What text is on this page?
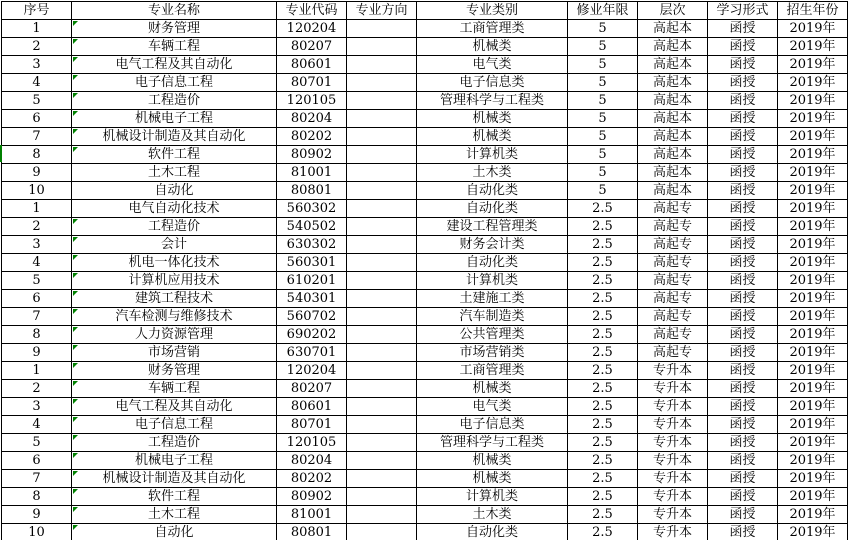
序号	专业名称	专业代码	专业方向	专业类别	修业年限	层次	学习形式	招生年份
1	财务管理	120204		工商管理类	5	高起本	函授	2019年
2	车辆工程	80207		机械类	5	高起本	函授	2019年
3	电气工程及其自动化	80601		电气类	5	高起本	函授	2019年
4	电子信息工程	80701		电子信息类	5	高起本	函授	2019年
5	工程造价	120105		管理科学与工程类	5	高起本	函授	2019年
6	机械电子工程	80204		机械类	5	高起本	函授	2019年
7	机械设计制造及其自动化	80202		机械类	5	高起本	函授	2019年
8	软件工程	80902		计算机类	5	高起本	函授	2019年
9	土木工程	81001		土木类	5	高起本	函授	2019年
10	自动化	80801		自动化类	5	高起本	函授	2019年
1	电气自动化技术	560302		自动化类	2.5	高起专	函授	2019年
2	工程造价	540502		建设工程管理类	2.5	高起专	函授	2019年
3	会计	630302		财务会计类	2.5	高起专	函授	2019年
4	机电一体化技术	560301		自动化类	2.5	高起专	函授	2019年
5	计算机应用技术	610201		计算机类	2.5	高起专	函授	2019年
6	建筑工程技术	540301		土建施工类	2.5	高起专	函授	2019年
7	汽车检测与维修技术	560702		汽车制造类	2.5	高起专	函授	2019年
8	人力资源管理	690202		公共管理类	2.5	高起专	函授	2019年
9	市场营销	630701		市场营销类	2.5	高起专	函授	2019年
1	财务管理	120204		工商管理类	2.5	专升本	函授	2019年
2	车辆工程	80207		机械类	2.5	专升本	函授	2019年
3	电气工程及其自动化	80601		电气类	2.5	专升本	函授	2019年
4	电子信息工程	80701		电子信息类	2.5	专升本	函授	2019年
5	工程造价	120105		管理科学与工程类	2.5	专升本	函授	2019年
6	机械电子工程	80204		机械类	2.5	专升本	函授	2019年
7	机械设计制造及其自动化	80202		机械类	2.5	专升本	函授	2019年
8	软件工程	80902		计算机类	2.5	专升本	函授	2019年
9	土木工程	81001		土木类	2.5	专升本	函授	2019年
10	自动化	80801		自动化类	2.5	专升本	函授	2019年
